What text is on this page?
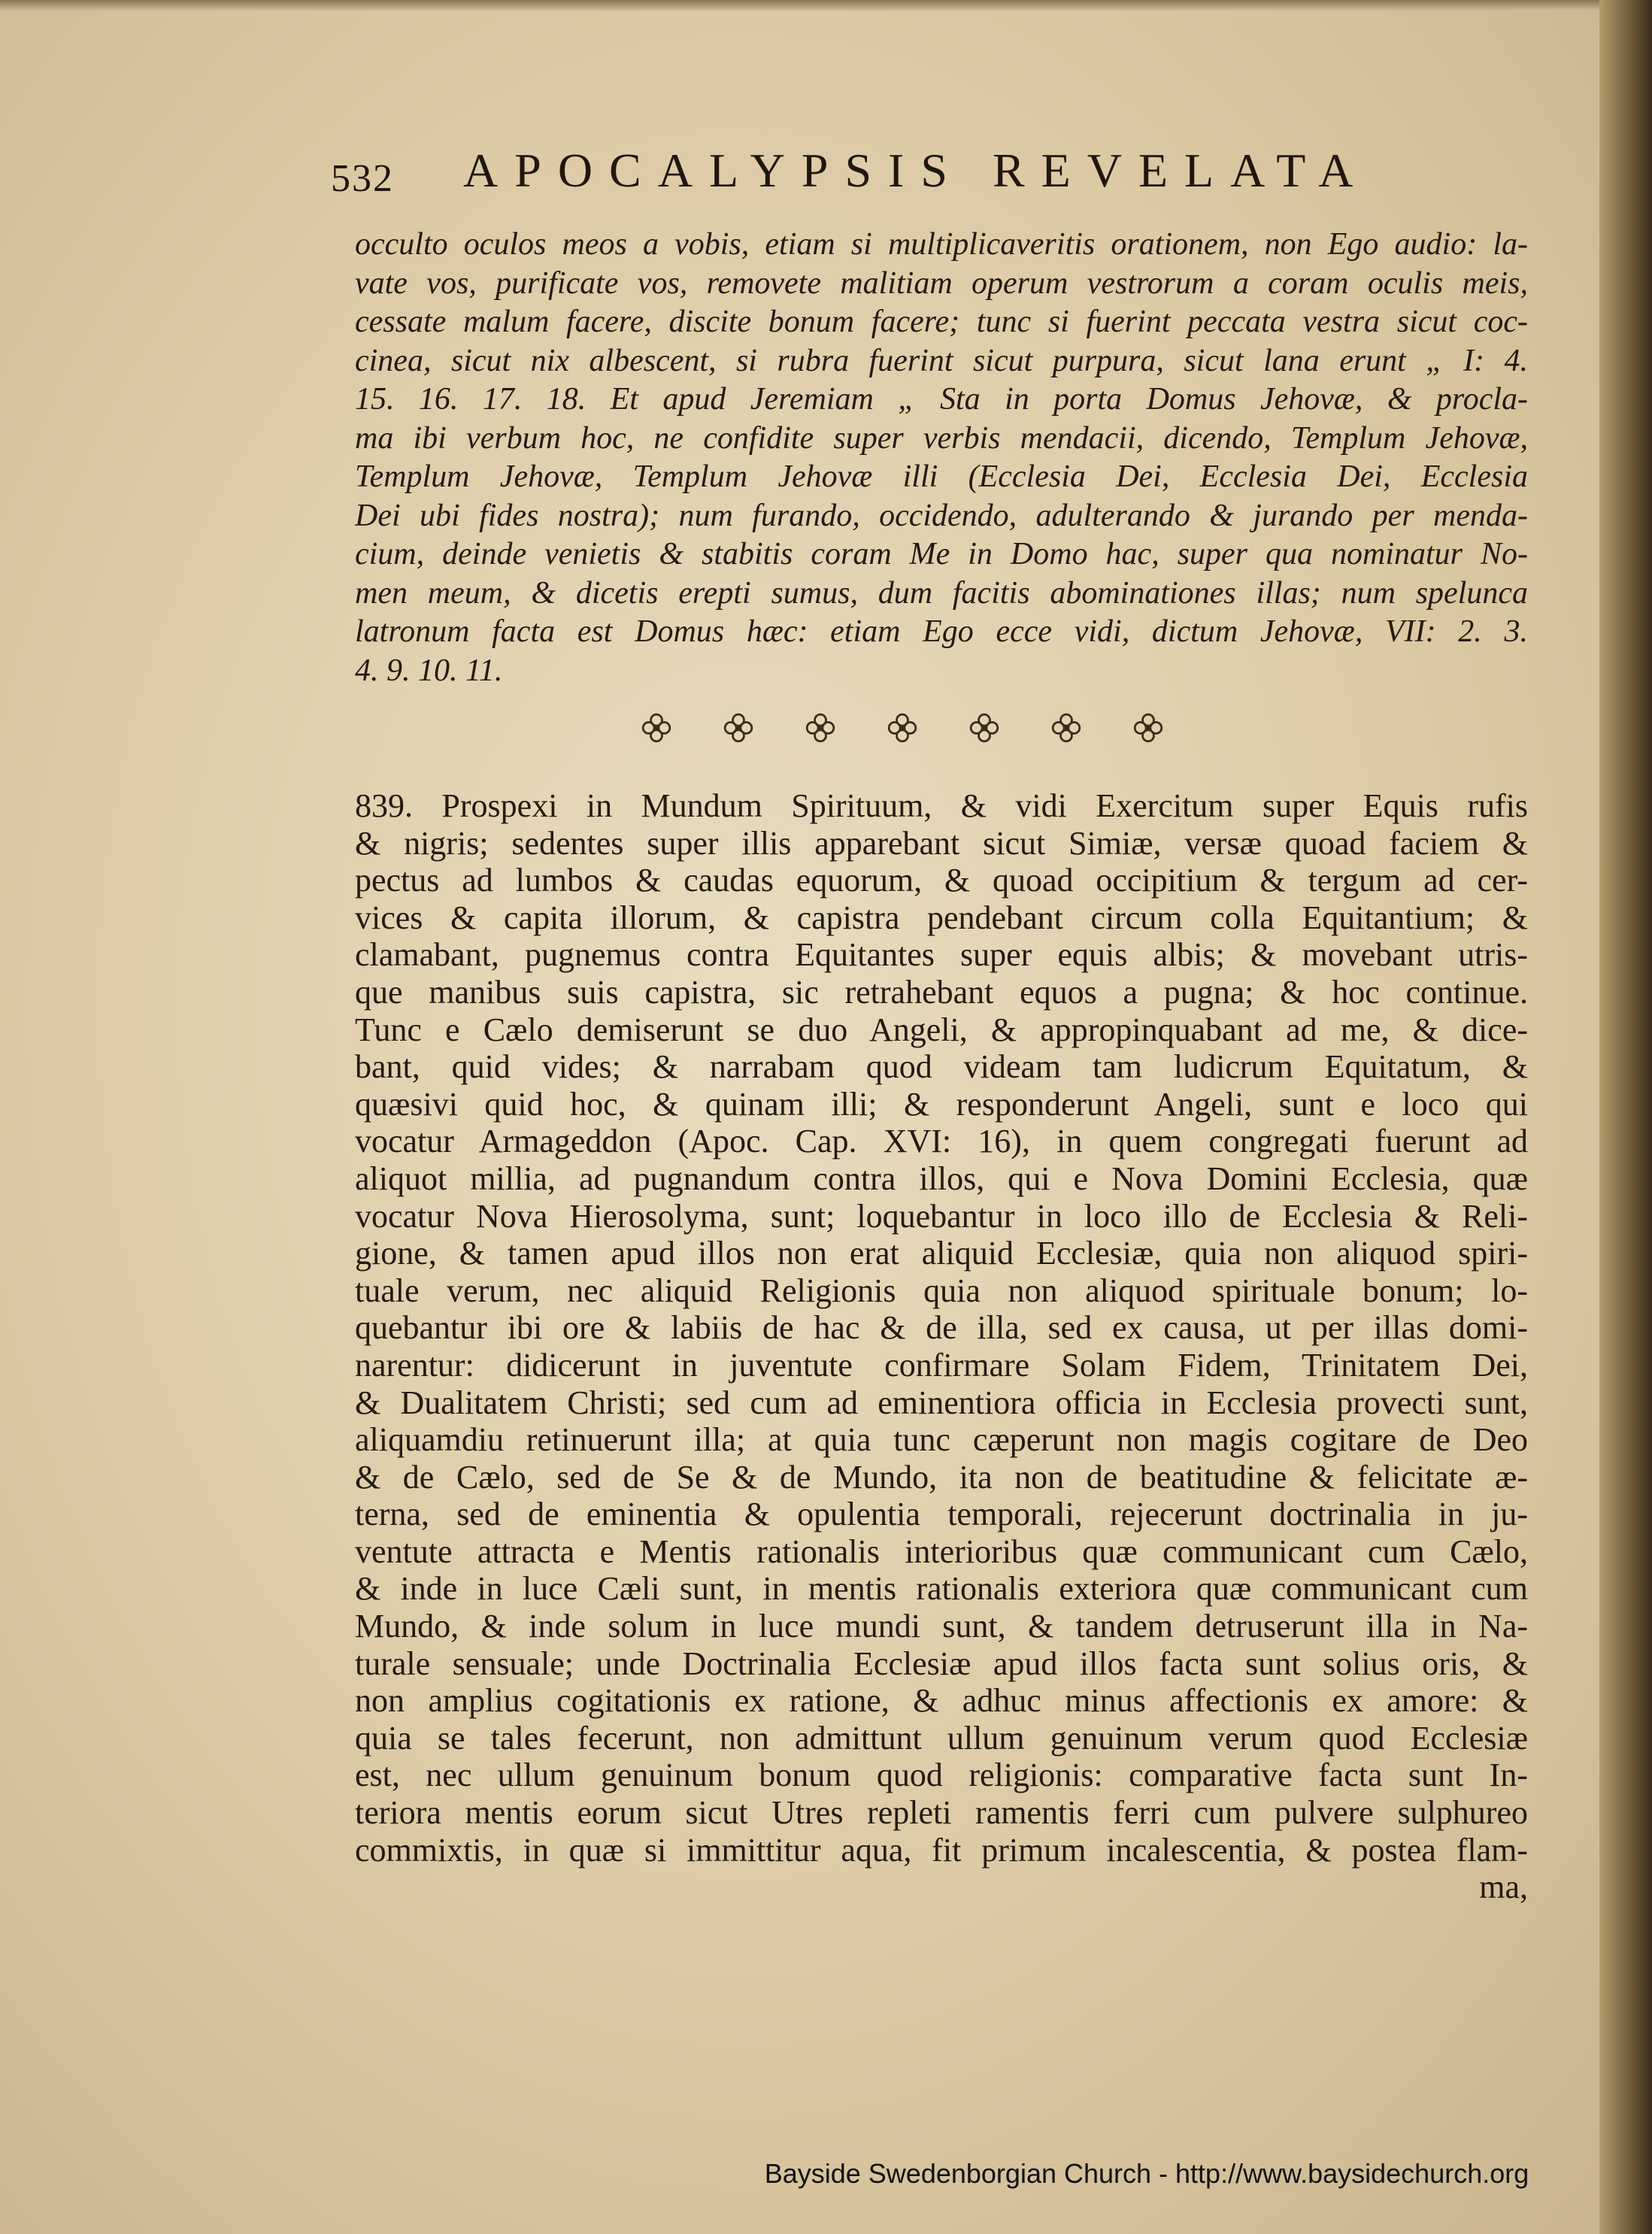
532 APOCALYPSIS REVELATA
occulto oculos meos a vobis, etiam si multiplicaveritis orationem, non Ego audio: la-
vate vos, purificate vos, removete malitiam operum vestrorum a coram oculis meis,
cessate malum facere, discite bonum facere; tunc si fuerint peccata vestra sicut coc-
cinea, sicut nix albescent, si rubra fuerint sicut purpura, sicut lana erunt „ I: 4.
15. 16. 17. 18. Et apud Jeremiam „ Sta in porta Domus Jehovæ, & procla-
ma ibi verbum hoc, ne confidite super verbis mendacii, dicendo, Templum Jehovæ,
Templum Jehovæ, Templum Jehovæ illi (Ecclesia Dei, Ecclesia Dei, Ecclesia
Dei ubi fides nostra); num furando, occidendo, adulterando & jurando per menda-
cium, deinde venietis & stabitis coram Me in Domo hac, super qua nominatur No-
men meum, & dicetis erepti sumus, dum facitis abominationes illas; num spelunca
latronum facta est Domus hæc: etiam Ego ecce vidi, dictum Jehovæ, VII: 2. 3.
4. 9. 10. 11.
839. Prospexi in Mundum Spirituum, & vidi Exercitum super Equis rufis
& nigris; sedentes super illis apparebant sicut Simiæ, versæ quoad faciem &
pectus ad lumbos & caudas equorum, & quoad occipitium & tergum ad cer-
vices & capita illorum, & capistra pendebant circum colla Equitantium; &
clamabant, pugnemus contra Equitantes super equis albis; & movebant utris-
que manibus suis capistra, sic retrahebant equos a pugna; & hoc continue.
Tunc e Cælo demiserunt se duo Angeli, & appropinquabant ad me, & dice-
bant, quid vides; & narrabam quod videam tam ludicrum Equitatum, &
quæsivi quid hoc, & quinam illi; & responderunt Angeli, sunt e loco qui
vocatur Armageddon (Apoc. Cap. XVI: 16), in quem congregati fuerunt ad
aliquot millia, ad pugnandum contra illos, qui e Nova Domini Ecclesia, quæ
vocatur Nova Hierosolyma, sunt; loquebantur in loco illo de Ecclesia & Reli-
gione, & tamen apud illos non erat aliquid Ecclesiæ, quia non aliquod spiri-
tuale verum, nec aliquid Religionis quia non aliquod spirituale bonum; lo-
quebantur ibi ore & labiis de hac & de illa, sed ex causa, ut per illas domi-
narentur: didicerunt in juventute confirmare Solam Fidem, Trinitatem Dei,
& Dualitatem Christi; sed cum ad eminentiora officia in Ecclesia provecti sunt,
aliquamdiu retinuerunt illa; at quia tunc cæperunt non magis cogitare de Deo
& de Cælo, sed de Se & de Mundo, ita non de beatitudine & felicitate æ-
terna, sed de eminentia & opulentia temporali, rejecerunt doctrinalia in ju-
ventute attracta e Mentis rationalis interioribus quæ communicant cum Cælo,
& inde in luce Cæli sunt, in mentis rationalis exteriora quæ communicant cum
Mundo, & inde solum in luce mundi sunt, & tandem detruserunt illa in Na-
turale sensuale; unde Doctrinalia Ecclesiæ apud illos facta sunt solius oris, &
non amplius cogitationis ex ratione, & adhuc minus affectionis ex amore: &
quia se tales fecerunt, non admittunt ullum genuinum verum quod Ecclesiæ
est, nec ullum genuinum bonum quod religionis: comparative facta sunt In-
teriora mentis eorum sicut Utres repleti ramentis ferri cum pulvere sulphureo
commixtis, in quæ si immittitur aqua, fit primum incalescentia, & postea flam-
ma,
Bayside Swedenborgian Church - http://www.baysidechurch.org
